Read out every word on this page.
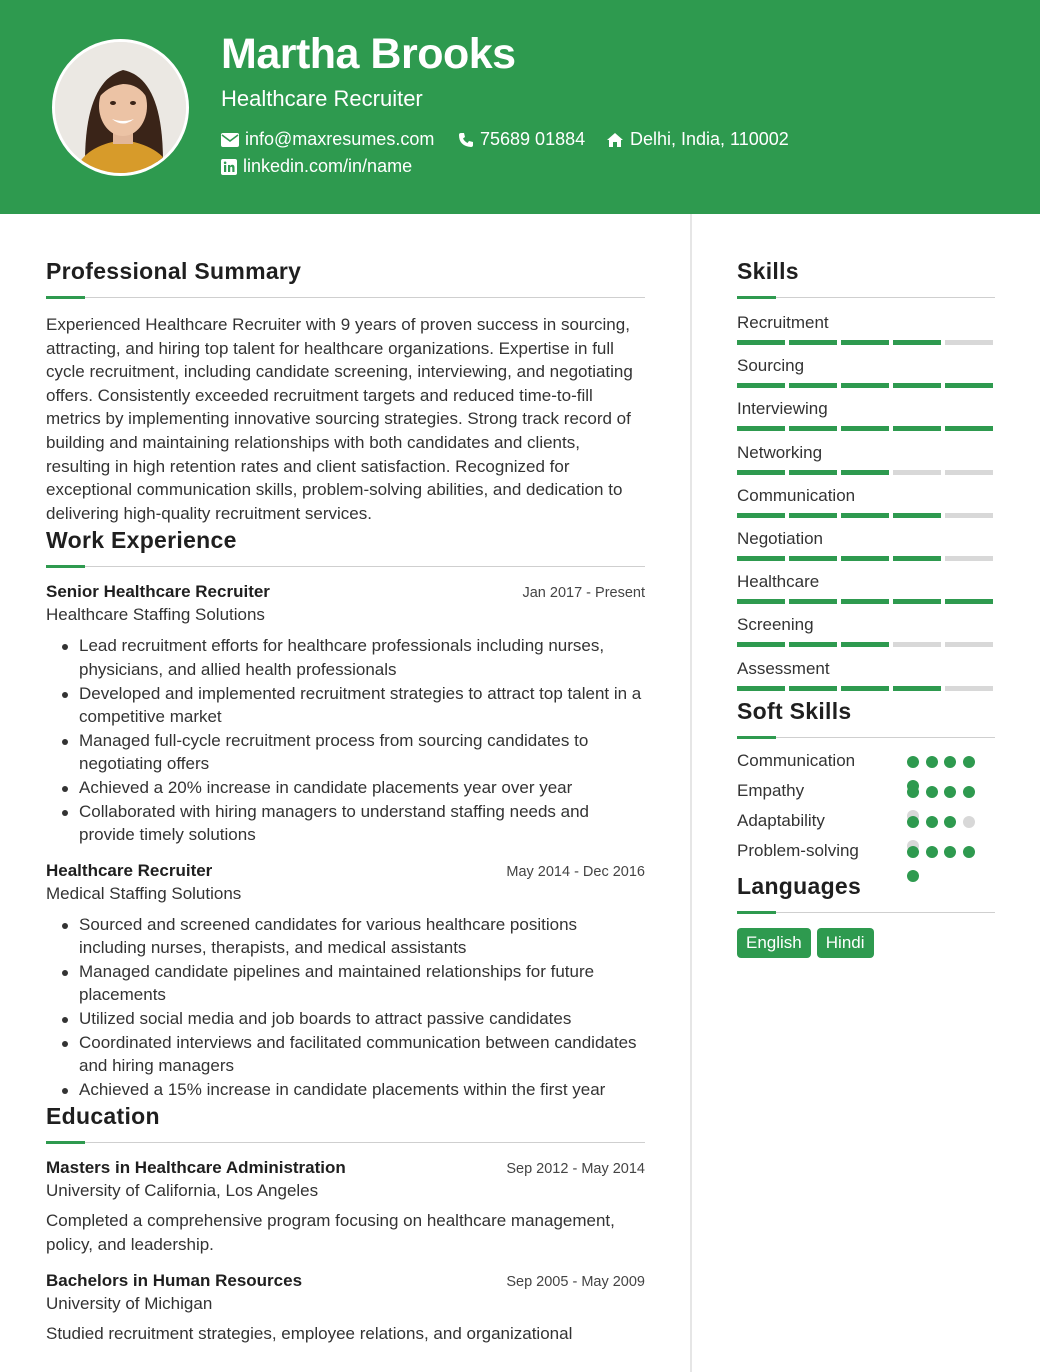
Martha Brooks
Healthcare Recruiter
info@maxresumes.com	75689 01884 Delhi, India, 110002
linkedin.com/in/name
Professional Summary

Experienced Healthcare Recruiter with 9 years of proven success in sourcing, attracting, and hiring top talent for healthcare organizations. Expertise in full cycle recruitment, including candidate screening, interviewing, and negotiating offers. Consistently exceeded recruitment targets and reduced time-to-fill metrics by implementing innovative sourcing strategies. Strong track record of building and maintaining relationships with both candidates and clients, resulting in high retention rates and client satisfaction. Recognized for exceptional communication skills, problem-solving abilities, and dedication to delivering high-quality recruitment services.

Work Experience
Senior Healthcare Recruiter	Jan 2017 - Present
Healthcare Staffing Solutions
Lead recruitment efforts for healthcare professionals including nurses, physicians, and allied health professionals
Developed and implemented recruitment strategies to attract top talent in a competitive market
Managed full-cycle recruitment process from sourcing candidates to negotiating offers
Achieved a 20% increase in candidate placements year over year
Collaborated with hiring managers to understand staffing needs and provide timely solutions
Healthcare Recruiter	May 2014 - Dec 2016
Medical Staffing Solutions
Sourced and screened candidates for various healthcare positions including nurses, therapists, and medical assistants
Managed candidate pipelines and maintained relationships for future placements
Utilized social media and job boards to attract passive candidates
Coordinated interviews and facilitated communication between candidates and hiring managers
Achieved a 15% increase in candidate placements within the first year
Education
Masters in Healthcare Administration	Sep 2012 - May 2014
University of California, Los Angeles

Completed a comprehensive program focusing on healthcare management, policy, and leadership.

Bachelors in Human Resources	Sep 2005 - May 2009
University of Michigan

Studied recruitment strategies, employee relations, and organizational

Skills
Recruitment
Sourcing
Interviewing
Networking
Communication
Negotiation
Healthcare
Screening
Assessment
Soft Skills
Communication
Empathy
Adaptability
Problem-solving
Languages
English	Hindi
